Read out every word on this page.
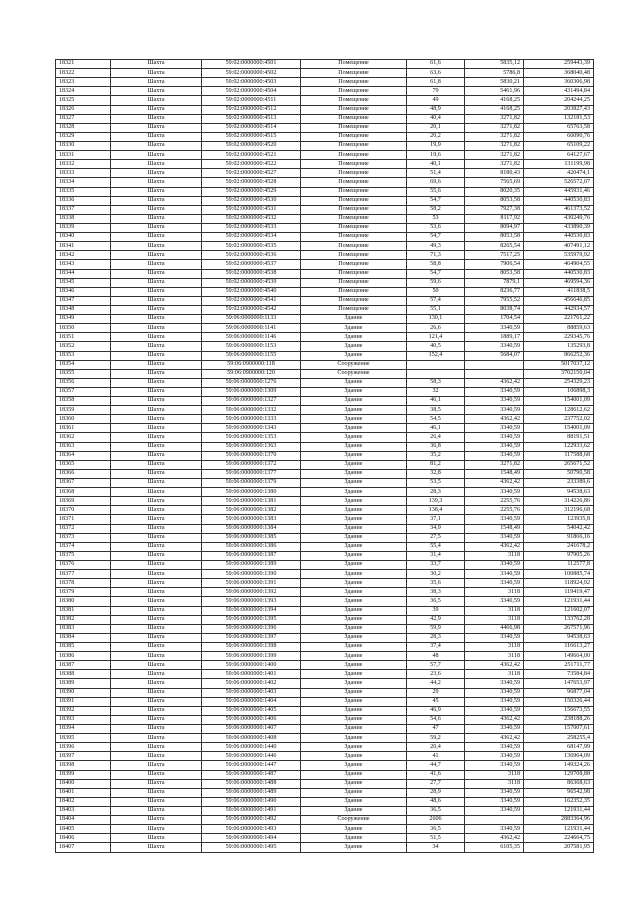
18321	Шахта	59:02:0000000:4501	Помещение	61,6	5835,12	259443,39
18322	Шахта	59:02:0000000:4502	Помещение	63,6	5786,8	368040,48
18323	Шахта	59:02:0000000:4503	Помещение	61,8	5830,21	360306,98
18324	Шахта	59:02:0000000:4504	Помещение	79	5461,96	431494,84
18325	Шахта	59:02:0000000:4511	Помещение	49	4168,25	204244,25
18326	Шахта	59:02:0000000:4512	Помещение	48,9	4168,25	203827,43
18327	Шахта	59:02:0000000:4513	Помещение	40,4	3271,82	132181,53
18328	Шахта	59:02:0000000:4514	Помещение	20,1	3271,82	65763,58
18329	Шахта	59:02:0000000:4515	Помещение	20,2	3271,82	66090,76
18330	Шахта	59:02:0000000:4520	Помещение	19,9	3271,82	65109,22
18331	Шахта	59:02:0000000:4521	Помещение	19,6	3271,82	64127,67
18332	Шахта	59:02:0000000:4522	Помещение	40,1	3271,82	131199,98
18333	Шахта	59:02:0000000:4527	Помещение	51,4	8180,43	420474,1
18334	Шахта	59:02:0000000:4528	Помещение	69,6	7565,69	526572,07
18335	Шахта	59:02:0000000:4529	Помещение	55,6	8020,35	445931,46
18336	Шахта	59:02:0000000:4530	Помещение	54,7	8053,58	440530,83
18337	Шахта	59:02:0000000:4531	Помещение	58,2	7927,38	461373,52
18338	Шахта	59:02:0000000:4532	Помещение	53	8117,92	430249,76
18339	Шахта	59:02:0000000:4533	Помещение	53,6	8094,97	433890,39
18340	Шахта	59:02:0000000:4534	Помещение	54,7	8053,58	440530,83
18341	Шахта	59:02:0000000:4535	Помещение	49,3	8265,54	407491,12
18342	Шахта	59:02:0000000:4536	Помещение	71,3	7517,25	535979,92
18343	Шахта	59:02:0000000:4537	Помещение	58,8	7906,54	464904,55
18344	Шахта	59:02:0000000:4538	Помещение	54,7	8053,58	440530,83
18345	Шахта	59:02:0000000:4539	Помещение	59,6	7879,1	469594,36
18346	Шахта	59:02:0000000:4540	Помещение	50	8236,77	411838,5
18347	Шахта	59:02:0000000:4541	Помещение	57,4	7955,52	456646,85
18348	Шахта	59:02:0000000:4542	Помещение	55,1	8038,74	442934,57
18349	Шахта	59:06:0000000:1133	Здание	130,1	1704,54	221761,22
18350	Шахта	59:06:0000000:1141	Здание	26,6	3340,59	88859,63
18351	Шахта	59:06:0000000:1146	Здание	121,4	1889,17	229345,76
18352	Шахта	59:06:0000000:1153	Здание	40,5	3340,59	135293,8
18353	Шахта	59:06:0000000:1155	Здание	152,4	5684,07	866252,36
18354	Шахта	59:06:0900000:118	Сооружение			5017037,12
18355	Шахта	59:06:0900000:120	Сооружение			3702150,04
18356	Шахта	59:06:0000000:1276	Здание	58,3	4362,42	254329,23
18357	Шахта	59:06:0000000:1309	Здание	32	3340,59	106898,3
18358	Шахта	59:06:0000000:1327	Здание	46,1	3340,59	154001,09
18359	Шахта	59:06:0000000:1332	Здание	38,5	3340,59	128612,62
18360	Шахта	59:06:0000000:1333	Здание	54,5	4362,42	237752,02
18361	Шахта	59:06:0000000:1343	Здание	46,1	3340,59	154001,09
18362	Шахта	59:06:0000000:1353	Здание	26,4	3340,59	88191,51
18363	Шахта	59:06:0000000:1363	Здание	36,8	3340,59	122933,62
18364	Шахта	59:06:0000000:1370	Здание	35,2	3340,59	117588,68
18365	Шахта	59:06:0000000:1372	Здание	81,2	3271,82	265671,52
18366	Шахта	59:06:0000000:1377	Здание	32,8	1548,49	50790,58
18367	Шахта	59:06:0000000:1379	Здание	53,5	4362,42	233389,6
18368	Шахта	59:06:0000000:1380	Здание	28,3	3340,59	94538,63
18369	Шахта	59:06:0000000:1381	Здание	139,3	2255,76	314226,86
18370	Шахта	59:06:0000000:1382	Здание	138,4	2255,76	312196,68
18371	Шахта	59:06:0000000:1383	Здание	37,1	3340,59	123935,8
18372	Шахта	59:06:0000000:1384	Здание	34,9	1548,49	54042,42
18373	Шахта	59:06:0000000:1385	Здание	27,5	3340,59	91866,16
18374	Шахта	59:06:0000000:1386	Здание	55,4	4362,42	241678,2
18375	Шахта	59:06:0000000:1387	Здание	31,4	3118	97905,26
18376	Шахта	59:06:0000000:1389	Здание	33,7	3340,59	112577,8
18377	Шахта	59:06:0000000:1390	Здание	30,2	3340,59	100885,74
18378	Шахта	59:06:0000000:1391	Здание	35,6	3340,59	118924,92
18379	Шахта	59:06:0000000:1392	Здание	38,3	3118	119419,47
18380	Шахта	59:06:0000000:1393	Здание	36,5	3340,59	121931,44
18381	Шахта	59:06:0000000:1394	Здание	39	3118	121602,07
18382	Шахта	59:06:0000000:1395	Здание	42,9	3118	133762,28
18383	Шахта	59:06:0000000:1396	Здание	59,9	4466,98	267571,96
18384	Шахта	59:06:0000000:1397	Здание	28,3	3340,59	94538,63
18385	Шахта	59:06:0000000:1398	Здание	37,4	3118	116613,27
18386	Шахта	59:06:0000000:1399	Здание	48	3118	149664,00
18387	Шахта	59:06:0000000:1400	Здание	57,7	4362,42	251711,77
18388	Шахта	59:06:0000000:1401	Здание	23,6	3118	73584,84
18389	Шахта	59:06:0000000:1402	Здание	44,2	3340,59	147653,97
18390	Шахта	59:06:0000000:1403	Здание	29	3340,59	96877,04
18391	Шахта	59:06:0000000:1404	Здание	45	3340,59	150326,44
18392	Шахта	59:06:0000000:1405	Здание	46,9	3340,59	156673,55
18393	Шахта	59:06:0000000:1406	Здание	54,6	4362,42	238188,26
18394	Шахта	59:06:0000000:1407	Здание	47	3340,59	157007,61
18395	Шахта	59:06:0000000:1408	Здание	59,2	4362,42	258255,4
18396	Шахта	59:06:0000000:1440	Здание	20,4	3340,59	68147,99
18397	Шахта	59:06:0000000:1446	Здание	41	3340,59	136964,09
18398	Шахта	59:06:0000000:1447	Здание	44,7	3340,59	149324,26
18399	Шахта	59:06:0000000:1487	Здание	41,6	3118	129708,88
18400	Шахта	59:06:0000000:1488	Здание	27,7	3118	86368,63
18401	Шахта	59:06:0000000:1489	Здание	28,9	3340,59	96542,98
18402	Шахта	59:06:0000000:1490	Здание	48,6	3340,59	162352,35
18403	Шахта	59:06:0000000:1491	Здание	36,5	3340,59	121931,44
18404	Шахта	59:06:0000000:1492	Сооружение	2606		2883364,96
18405	Шахта	59:06:0000000:1493	Здание	36,5	3340,59	121931,44
18406	Шахта	59:06:0000000:1494	Здание	51,5	4362,42	224664,75
18407	Шахта	59:06:0000000:1495	Здание	34	6105,35	207581,95
